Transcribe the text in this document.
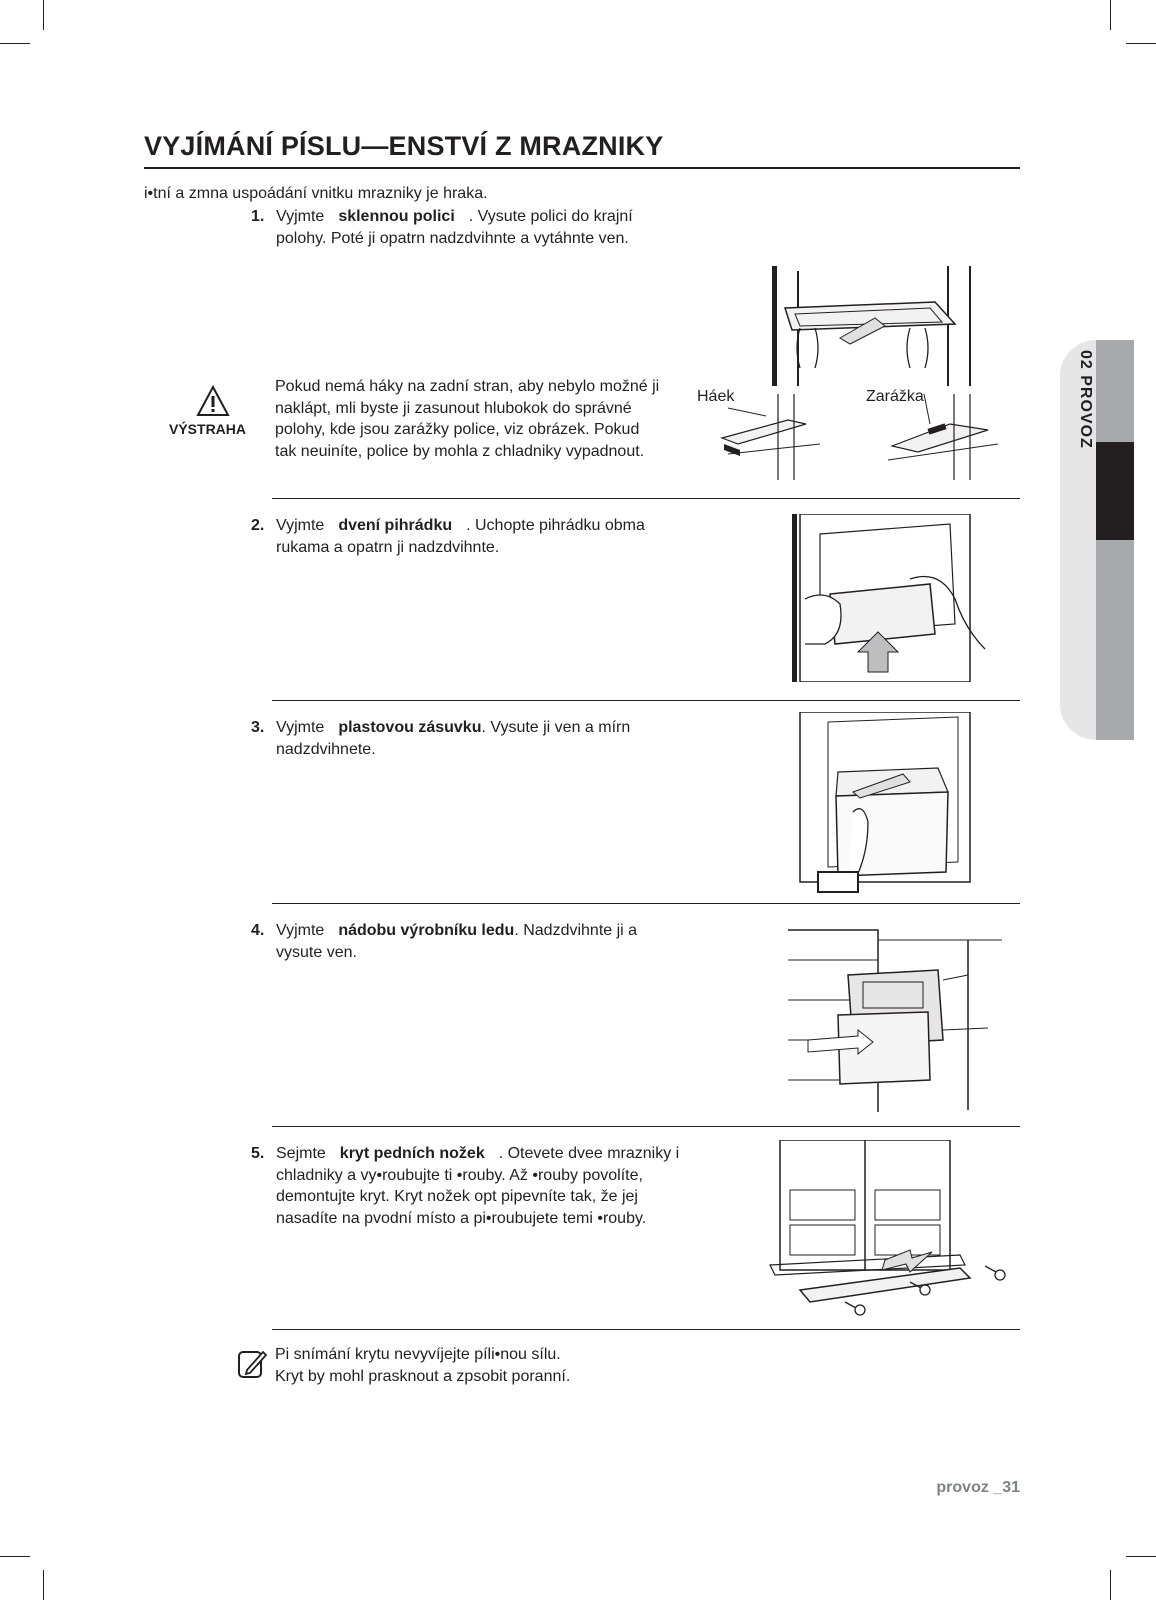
VYJÍMÁNÍ PÍSLU—ENSTVÍ Z MRAZNIKY
i•tní a zmna uspoádání vnitku mrazniky je hraka.
1. Vyjmte sklennou polici . Vysute polici do krajní polohy. Poté ji opatrn nadzdvihnte a vytáhnte ven.
VÝSTRAHA
Pokud nemá háky na zadní stran, aby nebylo možné ji naklápt, mli byste ji zasunout hlubokok do správné polohy, kde jsou zarážky police, viz obrázek. Pokud tak neuiníte, police by mohla z chladniky vypadnout.
Háek	Zarážka
2. Vyjmte dvení pihrádku . Uchopte pihrádku obma rukama a opatrn ji nadzdvihnte.
3. Vyjmte plastovou zásuvku. Vysute ji ven a mírn nadzdvihnete.
4. Vyjmte nádobu výrobníku ledu. Nadzdvihnte ji a vysute ven.
5. Sejmte kryt pedních nožek . Otevete dvee mrazniky i chladniky a vy•roubujte ti •rouby. Až •rouby povolíte, demontujte kryt. Kryt nožek opt pipevníte tak, že jej nasadíte na pvodní místo a pi•roubujete temi •rouby.
Pi snímání krytu nevyvíjejte píli•nou sílu.
Kryt by mohl prasknout a zpsobit poranní.
02 PROVOZ
provoz _31
